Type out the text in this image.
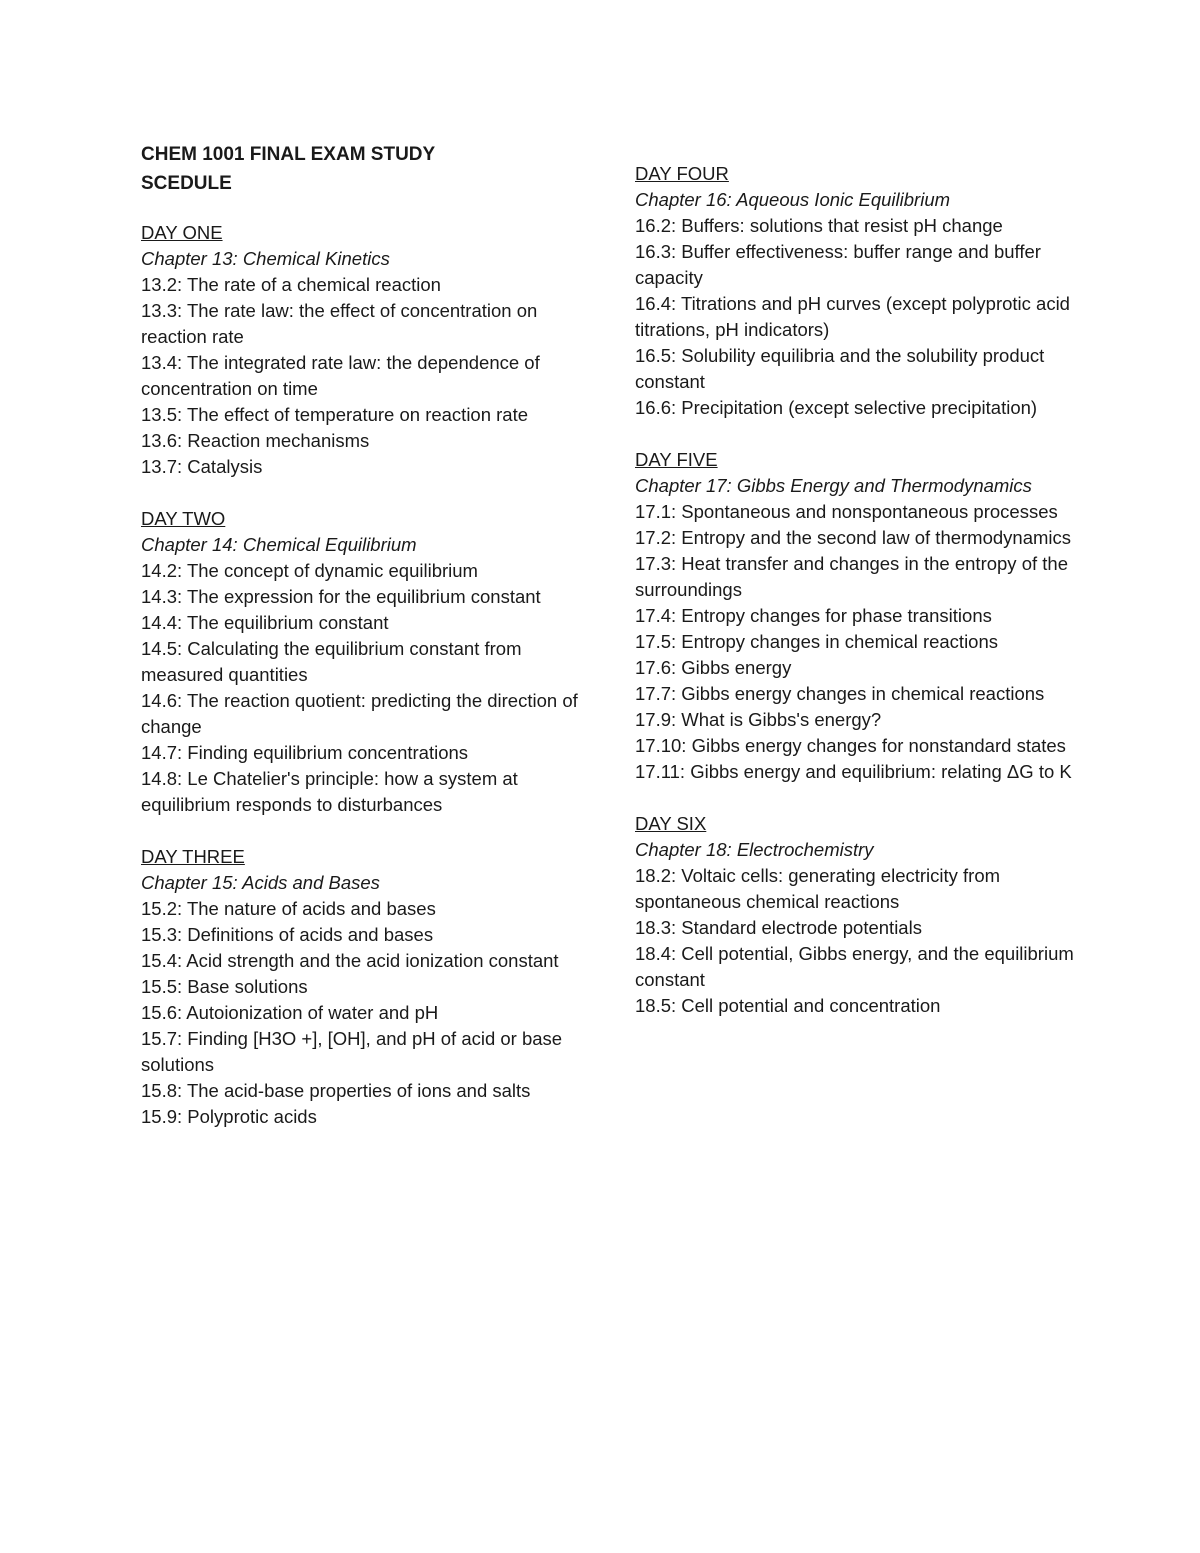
CHEM 1001 FINAL EXAM STUDY
SCEDULE
DAY ONE
Chapter 13: Chemical Kinetics
13.2: The rate of a chemical reaction
13.3: The rate law: the effect of concentration on reaction rate
13.4: The integrated rate law: the dependence of concentration on time
13.5: The effect of temperature on reaction rate
13.6: Reaction mechanisms
13.7: Catalysis
DAY TWO
Chapter 14: Chemical Equilibrium
14.2: The concept of dynamic equilibrium
14.3: The expression for the equilibrium constant
14.4: The equilibrium constant
14.5: Calculating the equilibrium constant from measured quantities
14.6: The reaction quotient: predicting the direction of change
14.7: Finding equilibrium concentrations
14.8: Le Chatelier's principle: how a system at equilibrium responds to disturbances
DAY THREE
Chapter 15: Acids and Bases
15.2: The nature of acids and bases
15.3: Definitions of acids and bases
15.4: Acid strength and the acid ionization constant
15.5: Base solutions
15.6: Autoionization of water and pH
15.7: Finding [H3O +], [OH], and pH of acid or base solutions
15.8: The acid-base properties of ions and salts
15.9: Polyprotic acids
DAY FOUR
Chapter 16: Aqueous Ionic Equilibrium
16.2: Buffers: solutions that resist pH change
16.3: Buffer effectiveness: buffer range and buffer capacity
16.4: Titrations and pH curves (except polyprotic acid titrations, pH indicators)
16.5: Solubility equilibria and the solubility product constant
16.6: Precipitation (except selective precipitation)
DAY FIVE
Chapter 17: Gibbs Energy and Thermodynamics
17.1: Spontaneous and nonspontaneous processes
17.2: Entropy and the second law of thermodynamics
17.3: Heat transfer and changes in the entropy of the surroundings
17.4: Entropy changes for phase transitions
17.5: Entropy changes in chemical reactions
17.6: Gibbs energy
17.7: Gibbs energy changes in chemical reactions
17.9: What is Gibbs's energy?
17.10: Gibbs energy changes for nonstandard states
17.11: Gibbs energy and equilibrium: relating ΔG to K
DAY SIX
Chapter 18: Electrochemistry
18.2: Voltaic cells: generating electricity from spontaneous chemical reactions
18.3: Standard electrode potentials
18.4: Cell potential, Gibbs energy, and the equilibrium constant
18.5: Cell potential and concentration
